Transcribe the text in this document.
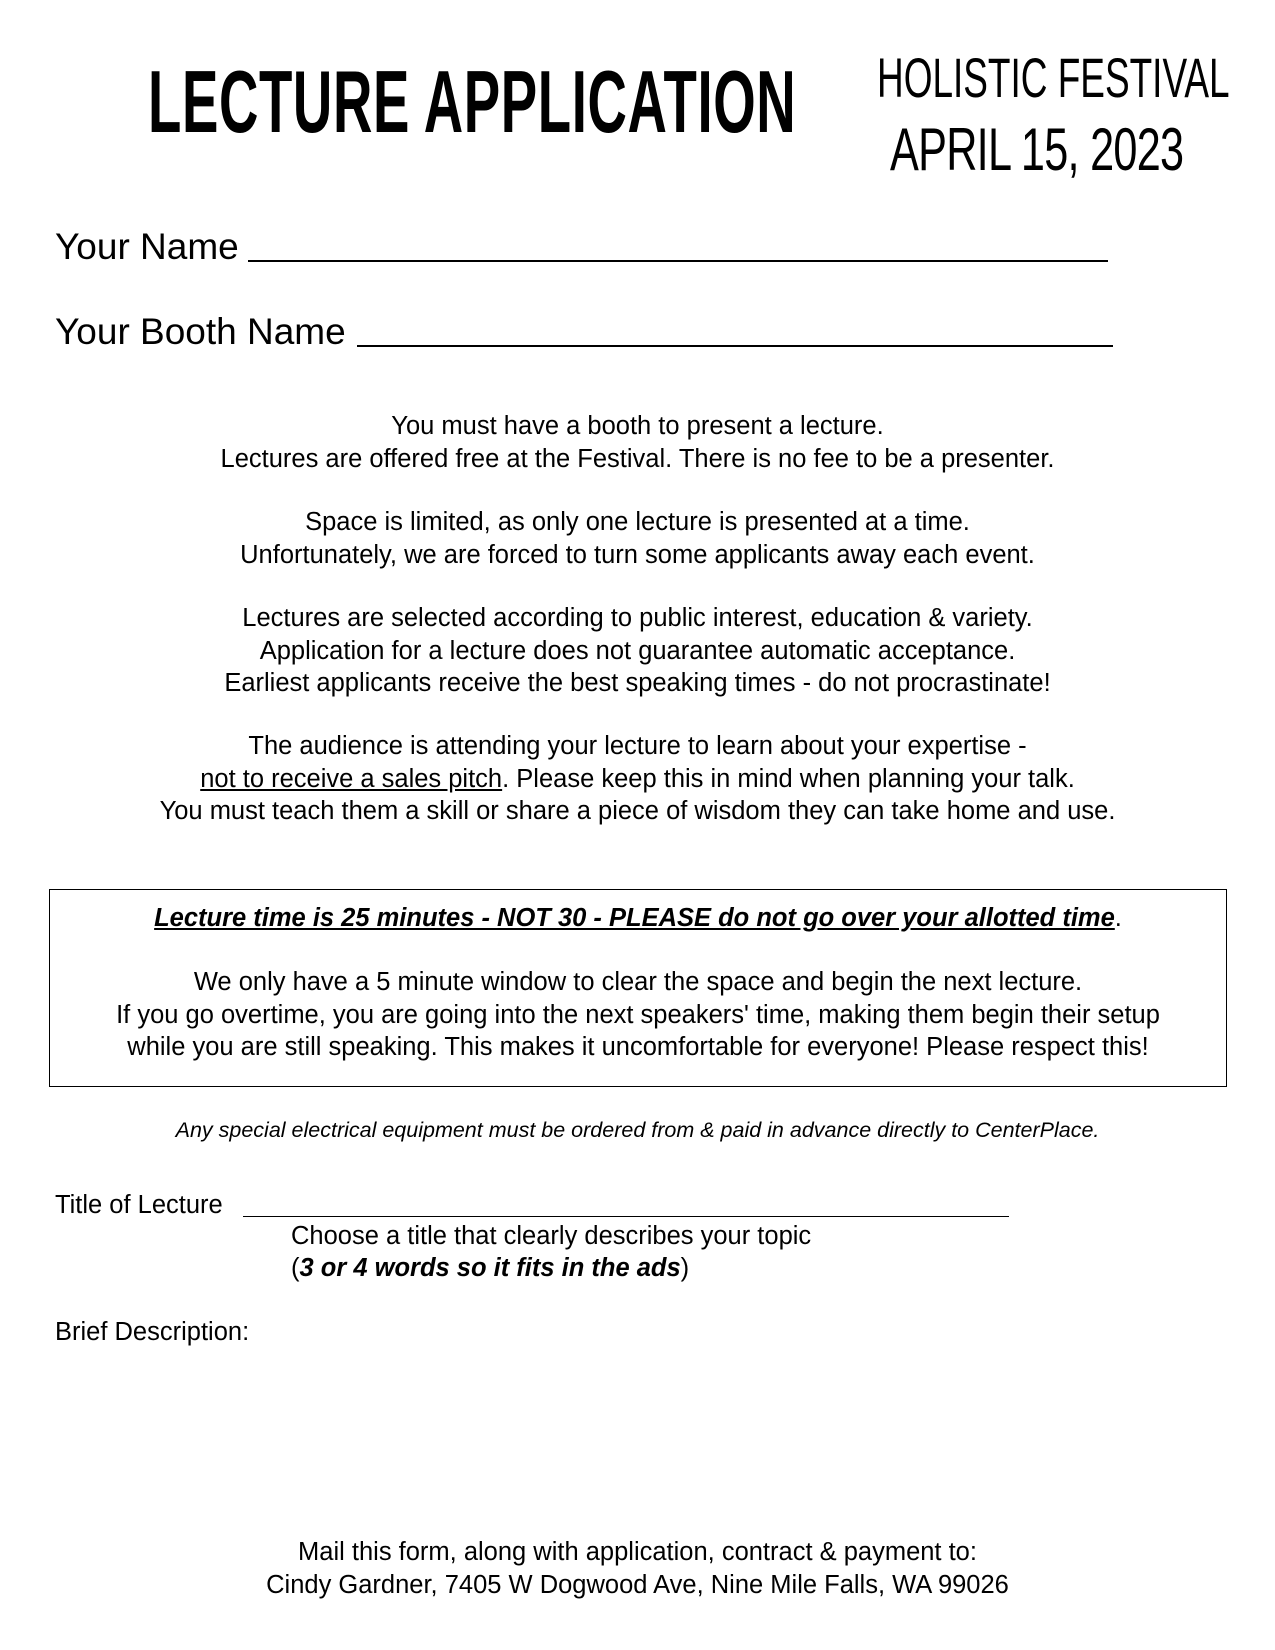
LECTURE APPLICATION HOLISTIC FESTIVAL
APRIL 15, 2023
Your Name
Your Booth Name

You must have a booth to present a lecture.

Lectures are offered free at the Festival. There is no fee to be a presenter.

Space is limited, as only one lecture is presented at a time.

Unfortunately, we are forced to turn some applicants away each event.

Lectures are selected according to public interest, education & variety.

Application for a lecture does not guarantee automatic acceptance.

Earliest applicants receive the best speaking times - do not procrastinate!

The audience is attending your lecture to learn about your expertise -

not to receive a sales pitch. Please keep this in mind when planning your talk.

You must teach them a skill or share a piece of wisdom they can take home and use.

Lecture time is 25 minutes - NOT 30 - PLEASE do not go over your allotted time.

We only have a 5 minute window to clear the space and begin the next lecture.

If you go overtime, you are going into the next speakers' time, making them begin their setup

while you are still speaking. This makes it uncomfortable for everyone! Please respect this!

Any special electrical equipment must be ordered from & paid in advance directly to CenterPlace.
Title of Lecture
Choose a title that clearly describes your topic
(3 or 4 words so it fits in the ads)
Brief Description:

Mail this form, along with application, contract & payment to:

Cindy Gardner, 7405 W Dogwood Ave, Nine Mile Falls, WA 99026
